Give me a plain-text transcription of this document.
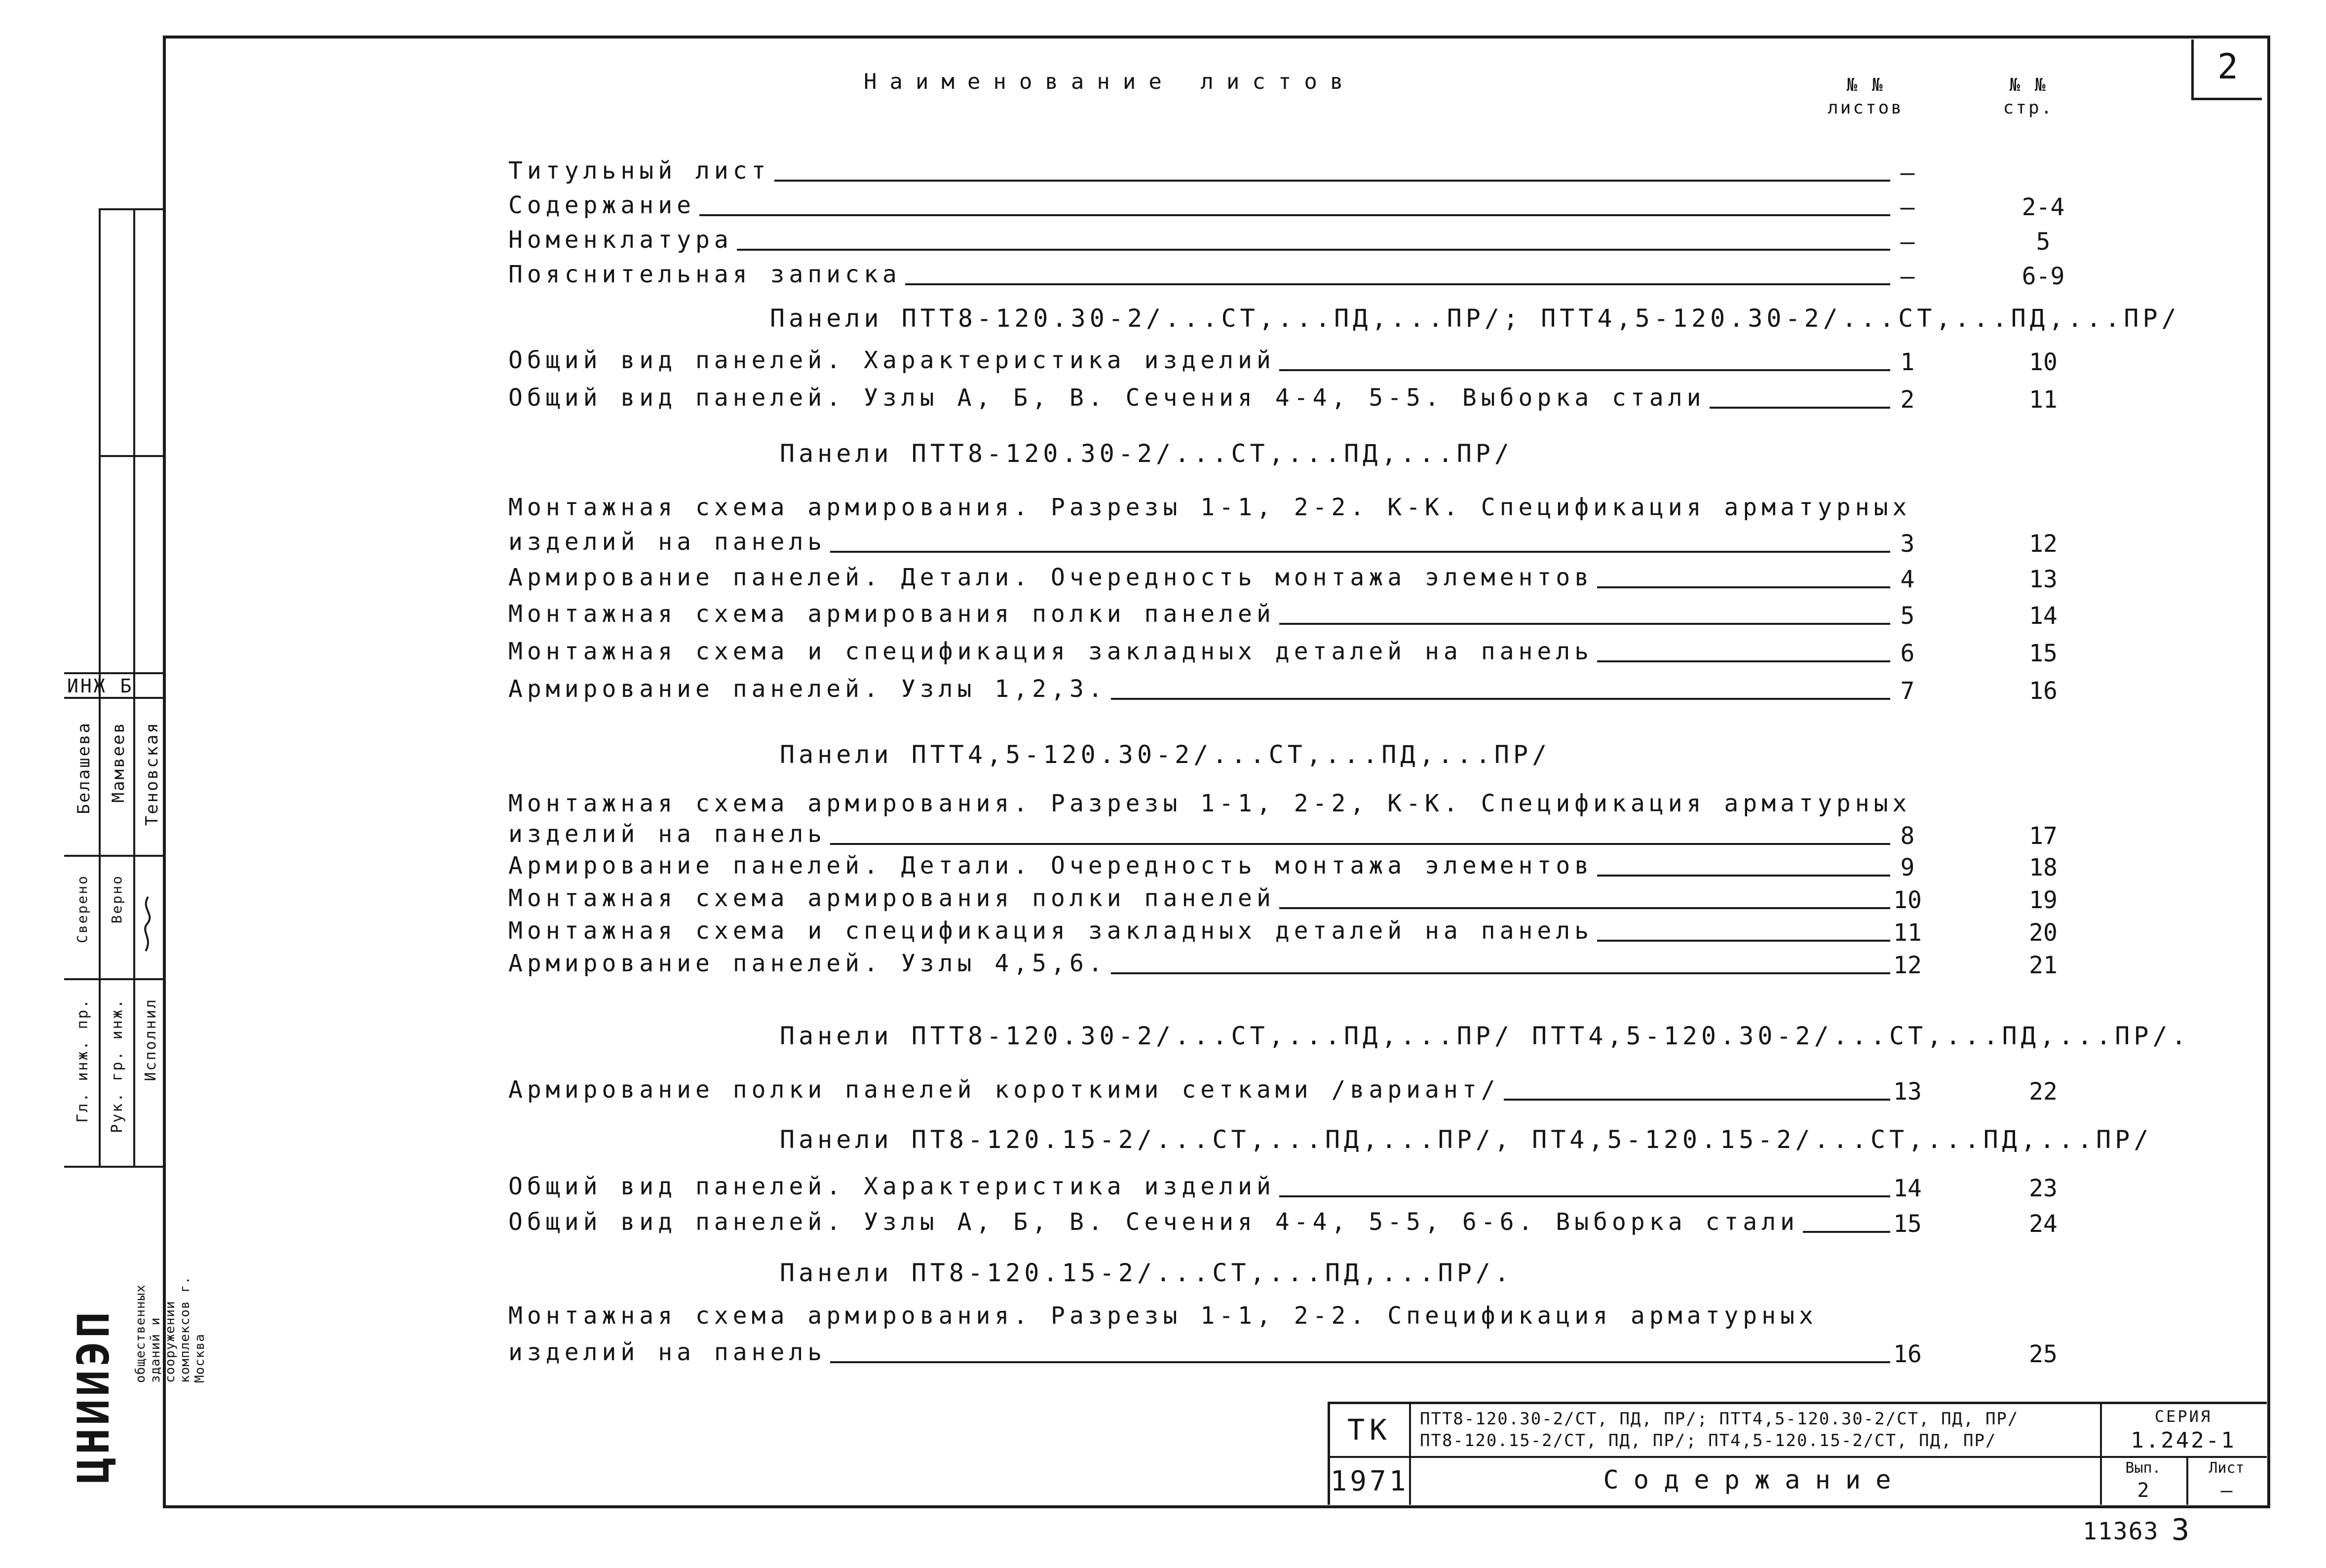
2
ИНЖ Б
Белашева Мамвеев Теновская
Сверено Верно
Гл. инж. пр. Рук. гр. инж. Исполнил
общественных зданий и сооружений комплексов г. Москва
ЦНИИЭП
Наименование листов	№ № листов
№ № стр.
Титульный лист	—
Содержание	—	2-4
Номенклатура	—	5
Пояснительная записка	—	6-9
Панели ПТТ8-120.30-2/...СТ,...ПД,...ПР/; ПТТ4,5-120.30-2/...СТ,...ПД,...ПР/
Общий вид панелей. Характеристика изделий	1	10
Общий вид панелей. Узлы А, Б, В. Сечения 4-4, 5-5. Выборка стали	2	11
Панели ПТТ8-120.30-2/...СТ,...ПД,...ПР/
Монтажная схема армирования. Разрезы 1-1, 2-2. К-К. Спецификация арматурных
изделий на панель	3	12
Армирование панелей. Детали. Очередность монтажа элементов	4	13
Монтажная схема армирования полки панелей	5	14
Монтажная схема и спецификация закладных деталей на панель	6	15
Армирование панелей. Узлы 1,2,3.	7	16
Панели ПТТ4,5-120.30-2/...СТ,...ПД,...ПР/
Монтажная схема армирования. Разрезы 1-1, 2-2, К-К. Спецификация арматурных
изделий на панель	8	17
Армирование панелей. Детали. Очередность монтажа элементов	9	18
Монтажная схема армирования полки панелей	10	19
Монтажная схема и спецификация закладных деталей на панель	11	20
Армирование панелей. Узлы 4,5,6.	12	21
Панели ПТТ8-120.30-2/...СТ,...ПД,...ПР/ ПТТ4,5-120.30-2/...СТ,...ПД,...ПР/.
Армирование полки панелей короткими сетками /вариант/	13	22
Панели ПТ8-120.15-2/...СТ,...ПД,...ПР/, ПТ4,5-120.15-2/...СТ,...ПД,...ПР/
Общий вид панелей. Характеристика изделий	14	23
Общий вид панелей. Узлы А, Б, В. Сечения 4-4, 5-5, 6-6. Выборка стали	15	24
Панели ПТ8-120.15-2/...СТ,...ПД,...ПР/.
Монтажная схема армирования. Разрезы 1-1, 2-2. Спецификация арматурных
изделий на панель	16	25
ТК	ПТТ8-120.30-2/СТ, ПД, ПР/; ПТТ4,5-120.30-2/СТ, ПД, ПР/
ПТ8-120.15-2/СТ, ПД, ПР/; ПТ4,5-120.15-2/СТ, ПД, ПР/
СЕРИЯ
1.242-1
1971	Содержание	Вып.
2
Лист
—
11363 3
